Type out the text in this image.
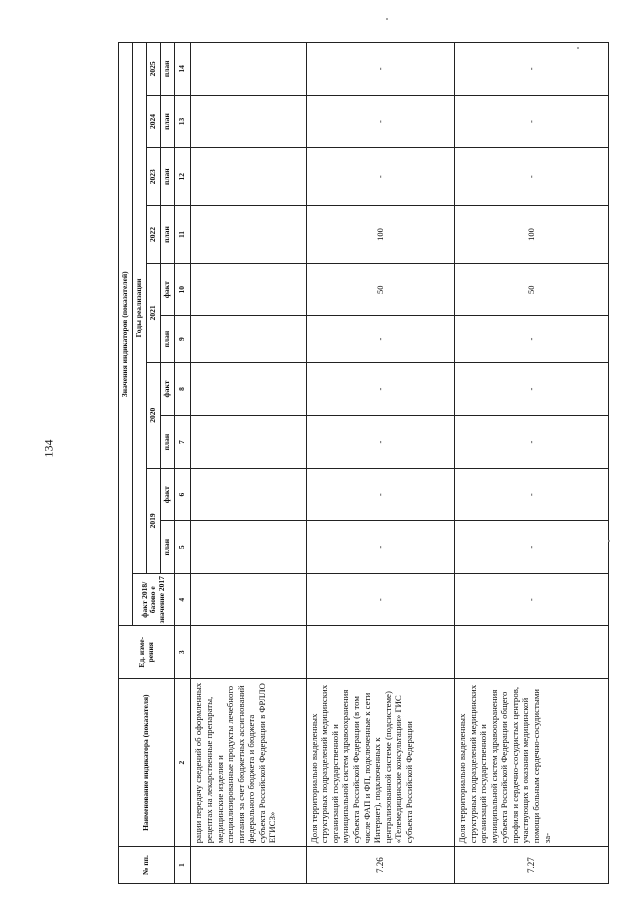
134
№ пп.	Наименование индикатора (показателя)	Ед. изме-рения	Значения индикаторов (показателей)										
			факт 2018/базово е значение 2017	Годы реализации									
				2019		2020		2021		2022	2023	2024	2025
				план	факт	план	факт	план	факт	план	план	план	план
1	2	3	4	5	6	7	8	9	10	11	12	13	14
	рации передачу сведений об оформленных рецептах на лекарственные препараты, медицинские изделия и специализированные продукты лечебного питания за счет бюджетных ассигнований федерального бюджета и бюджета субъекта Российской Федерации в ФРЛЛО ЕГИСЗ»												
7.26	Доля территориально выделенных структурных подразделений медицинских организаций государственной и муниципальной систем здравоохранения субъекта Российской Федерации (в том числе ФАП и ФП, подключенные к сети Интернет), подключенных к централизованной системе (подсистеме) «Телемедицинские консультации» ГИС субъекта Российской Федерации		-	-	-	-	-	-	50	100	-	-	-
7.27	Доля территориально выделенных структурных подразделений медицинских организаций государственной и муниципальной систем здравоохранения субъекта Российской Федерации общего профиля и сердечно-сосудистых центров, участвующих в оказании медицинской помощи больным сердечно-сосудистыми за-		-	-	-	-	-	-	50	100	-	-	-
